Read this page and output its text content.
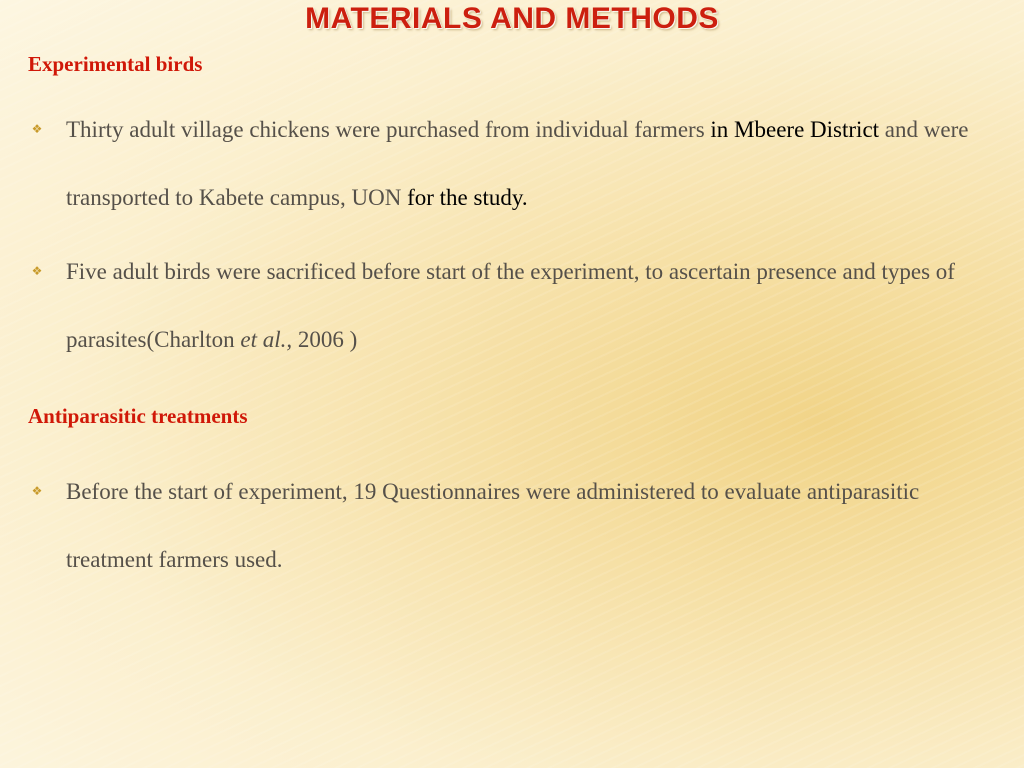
MATERIALS AND METHODS
Experimental birds
❖ Thirty adult village chickens were purchased from individual farmers in Mbeere District and were transported to Kabete campus, UON for the study.
❖ Five adult birds were sacrificed before start of the experiment, to ascertain presence and types of parasites(Charlton et al., 2006 )
Antiparasitic treatments
❖ Before the start of experiment, 19 Questionnaires were administered to evaluate antiparasitic treatment farmers used.
